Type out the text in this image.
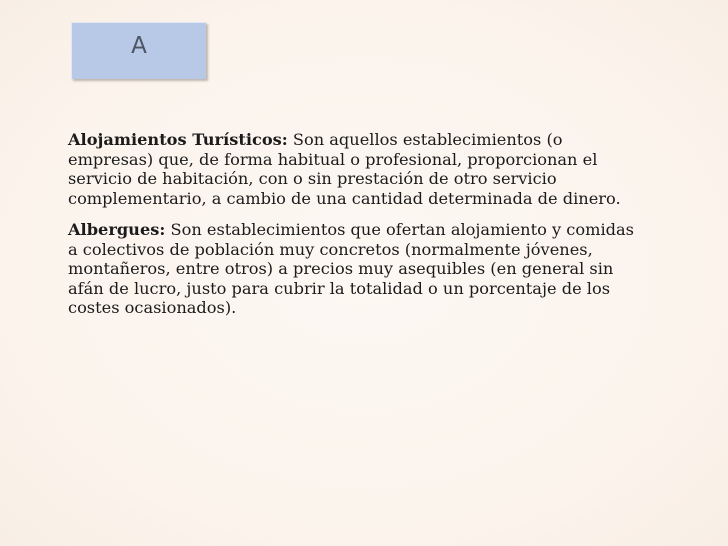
A

Alojamientos Turísticos: Son aquellos establecimientos (o empresas) que, de forma habitual o profesional, proporcionan el servicio de habitación, con o sin prestación de otro servicio complementario, a cambio de una cantidad determinada de dinero.

Albergues: Son establecimientos que ofertan alojamiento y comidas a colectivos de población muy concretos (normalmente jóvenes, montañeros, entre otros) a precios muy asequibles (en general sin afán de lucro, justo para cubrir la totalidad o un porcentaje de los costes ocasionados).
